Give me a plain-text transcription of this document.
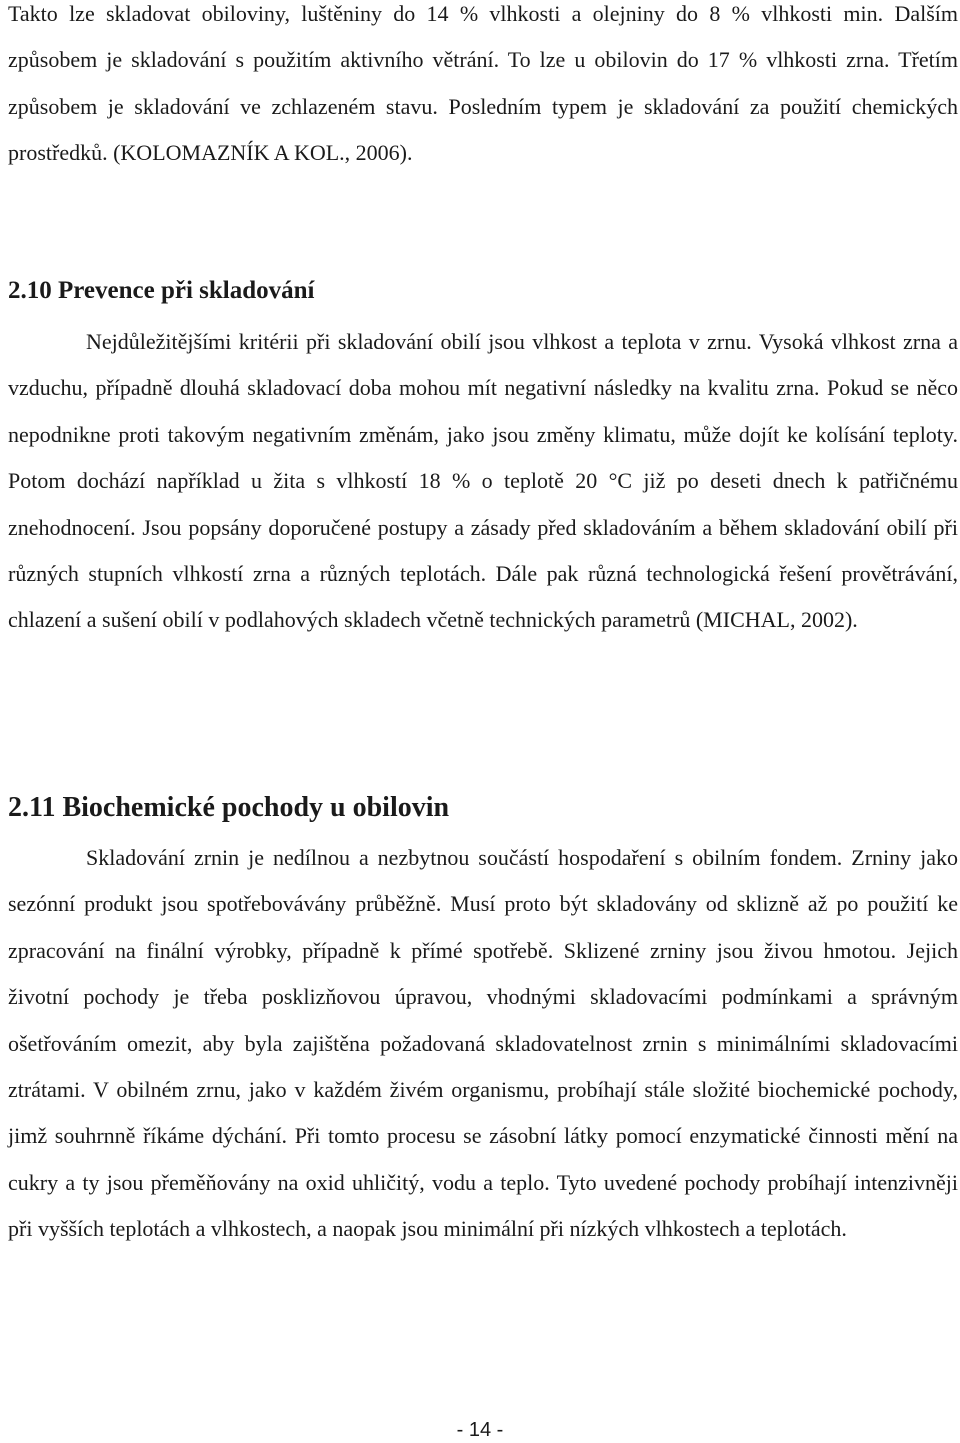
Takto lze skladovat obiloviny, luštěniny do 14 % vlhkosti a olejniny do 8 % vlhkosti min. Dalším způsobem je skladování s použitím aktivního větrání. To lze u obilovin do 17 % vlhkosti zrna. Třetím způsobem je skladování ve zchlazeném stavu. Posledním typem je skladování za použití chemických prostředků. (KOLOMAZNÍK A KOL., 2006).

2.10 Prevence při skladování

Nejdůležitějšími kritérii při skladování obilí jsou vlhkost a teplota v zrnu. Vysoká vlhkost zrna a vzduchu, případně dlouhá skladovací doba mohou mít negativní následky na kvalitu zrna. Pokud se něco nepodnikne proti takovým negativním změnám, jako jsou změny klimatu, může dojít ke kolísání teploty. Potom dochází například u žita s vlhkostí 18 % o teplotě 20 °C již po deseti dnech k patřičnému znehodnocení. Jsou popsány doporučené postupy a zásady před skladováním a během skladování obilí při různých stupních vlhkostí zrna a různých teplotách. Dále pak různá technologická řešení provětrávání, chlazení a sušení obilí v podlahových skladech včetně technických parametrů (MICHAL, 2002).

2.11 Biochemické pochody u obilovin

Skladování zrnin je nedílnou a nezbytnou součástí hospodaření s obilním fondem. Zrniny jako sezónní produkt jsou spotřebovávány průběžně. Musí proto být skladovány od sklizně až po použití ke zpracování na finální výrobky, případně k přímé spotřebě. Sklizené zrniny jsou živou hmotou. Jejich životní pochody je třeba posklizňovou úpravou, vhodnými skladovacími podmínkami a správným ošetřováním omezit, aby byla zajištěna požadovaná skladovatelnost zrnin s minimálními skladovacími ztrátami. V obilném zrnu, jako v každém živém organismu, probíhají stále složité biochemické pochody, jimž souhrnně říkáme dýchání. Při tomto procesu se zásobní látky pomocí enzymatické činnosti mění na cukry a ty jsou přeměňovány na oxid uhličitý, vodu a teplo. Tyto uvedené pochody probíhají intenzivněji při vyšších teplotách a vlhkostech, a naopak jsou minimální při nízkých vlhkostech a teplotách.

- 14 -
